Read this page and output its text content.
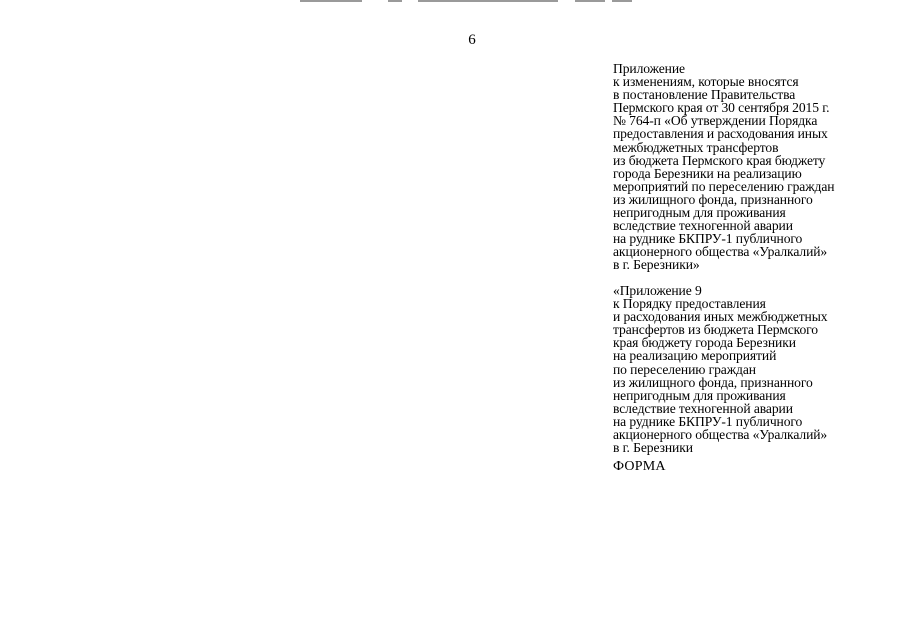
6
Приложение
к изменениям, которые вносятся
в постановление Правительства
Пермского края от 30 сентября 2015 г.
№ 764-п «Об утверждении Порядка
предоставления и расходования иных
межбюджетных трансфертов
из бюджета Пермского края бюджету
города Березники на реализацию
мероприятий по переселению граждан
из жилищного фонда, признанного
непригодным для проживания
вследствие техногенной аварии
на руднике БКПРУ-1 публичного
акционерного общества «Уралкалий»
в г. Березники»
«Приложение 9
к Порядку предоставления
и расходования иных межбюджетных
трансфертов из бюджета Пермского
края бюджету города Березники
на реализацию мероприятий
по переселению граждан
из жилищного фонда, признанного
непригодным для проживания
вследствие техногенной аварии
на руднике БКПРУ-1 публичного
акционерного общества «Уралкалий»
в г. Березники
ФОРМА
